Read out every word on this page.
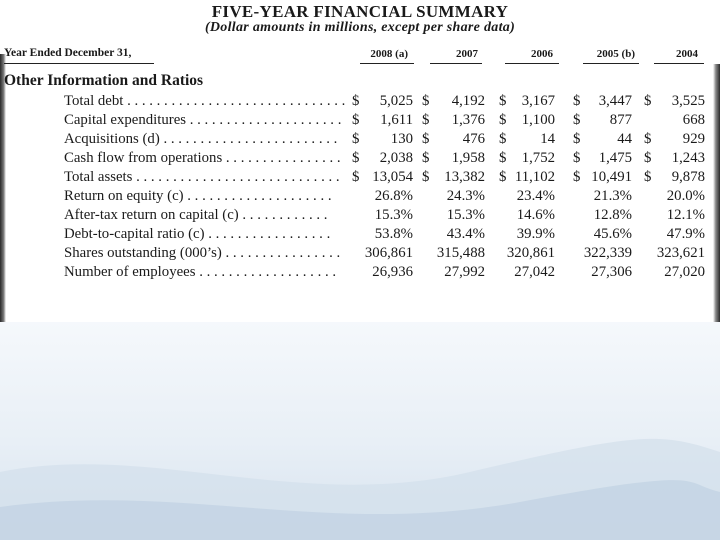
FIVE-YEAR FINANCIAL SUMMARY
(Dollar amounts in millions, except per share data)
Year Ended December 31,	2008 (a)	2007	2006	2005 (b)	2004
Other Information and Ratios
Total debt . . . . . . . . . . . . . . . . . . . . . . . . . . . . . . $	5,025 $	4,192 $	3,167 $	3,447 $	3,525
Capital expenditures . . . . . . . . . . . . . . . . . . . . . $	1,611 $	1,376 $	1,100 $	877	668
Acquisitions (d) . . . . . . . . . . . . . . . . . . . . . . . . $	130 $	476 $	14 $	44 $	929
Cash flow from operations . . . . . . . . . . . . . . . . $	2,038 $	1,958 $	1,752 $	1,475 $	1,243
Total assets . . . . . . . . . . . . . . . . . . . . . . . . . . . . $ 13,054 $	13,382 $ 11,102 $ 10,491 $	9,878
Return on equity (c) . . . . . . . . . . . . . . . . . . . .	26.8%	24.3%	23.4%	21.3%	20.0%
After-tax return on capital (c) . . . . . . . . . . . .	15.3%	15.3%	14.6%	12.8%	12.1%
Debt-to-capital ratio (c) . . . . . . . . . . . . . . . . .	53.8%	43.4%	39.9%	45.6%	47.9%
Shares outstanding (000’s) . . . . . . . . . . . . . . . .	306,861	315,488	320,861	322,339	323,621
Number of employees . . . . . . . . . . . . . . . . . . .	26,936	27,992	27,042	27,306	27,020
